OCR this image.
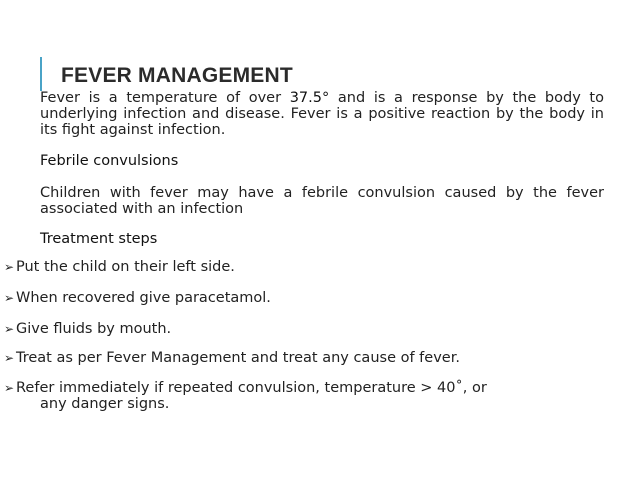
FEVER MANAGEMENT

Fever is a temperature of over 37.5° and is a response by the body to underlying infection and disease. Fever is a positive reaction by the body in its fight against infection.

Febrile convulsions

Children with fever may have a febrile convulsion caused by the fever associated with an infection

Treatment steps

➢ Put the child on their left side.
➢ When recovered give paracetamol.
➢ Give fluids by mouth.
➢ Treat as per Fever Management and treat any cause of fever.
➢ Refer immediately if repeated convulsion, temperature > 40˚, or
any danger signs.
